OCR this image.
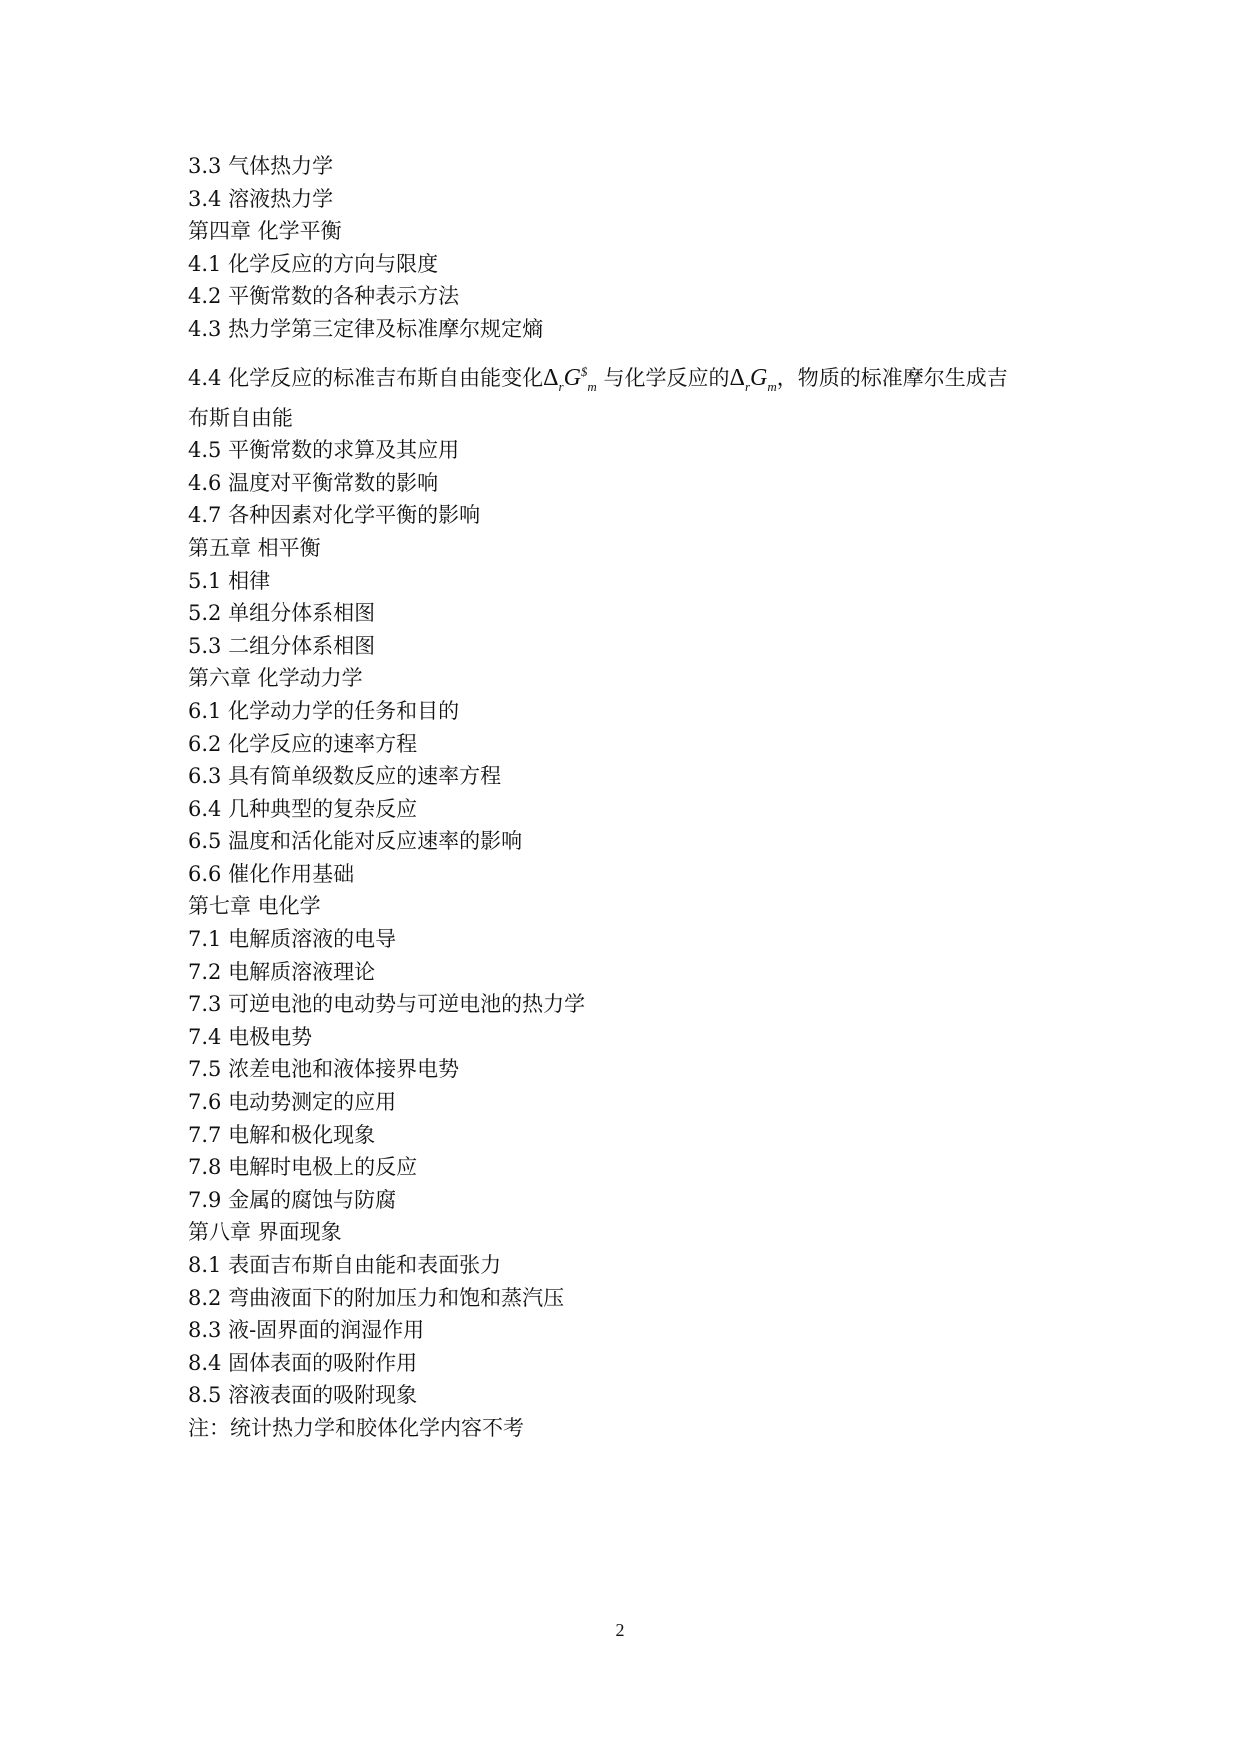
3.3 气体热力学
3.4 溶液热力学
第四章 化学平衡
4.1 化学反应的方向与限度
4.2 平衡常数的各种表示方法
4.3 热力学第三定律及标准摩尔规定熵
4.4 化学反应的标准吉布斯自由能变化$\Delta_rG^{\$}_m$ 与化学反应的$\Delta_rG_m$，物质的标准摩尔生成吉
布斯自由能
4.5 平衡常数的求算及其应用
4.6 温度对平衡常数的影响
4.7 各种因素对化学平衡的影响
第五章 相平衡
5.1 相律
5.2 单组分体系相图
5.3 二组分体系相图
第六章 化学动力学
6.1 化学动力学的任务和目的
6.2 化学反应的速率方程
6.3 具有简单级数反应的速率方程
6.4 几种典型的复杂反应
6.5 温度和活化能对反应速率的影响
6.6 催化作用基础
第七章 电化学
7.1 电解质溶液的电导
7.2 电解质溶液理论
7.3 可逆电池的电动势与可逆电池的热力学
7.4 电极电势
7.5 浓差电池和液体接界电势
7.6 电动势测定的应用
7.7 电解和极化现象
7.8 电解时电极上的反应
7.9 金属的腐蚀与防腐
第八章 界面现象
8.1 表面吉布斯自由能和表面张力
8.2 弯曲液面下的附加压力和饱和蒸汽压
8.3 液-固界面的润湿作用
8.4 固体表面的吸附作用
8.5 溶液表面的吸附现象
注：统计热力学和胶体化学内容不考
2
